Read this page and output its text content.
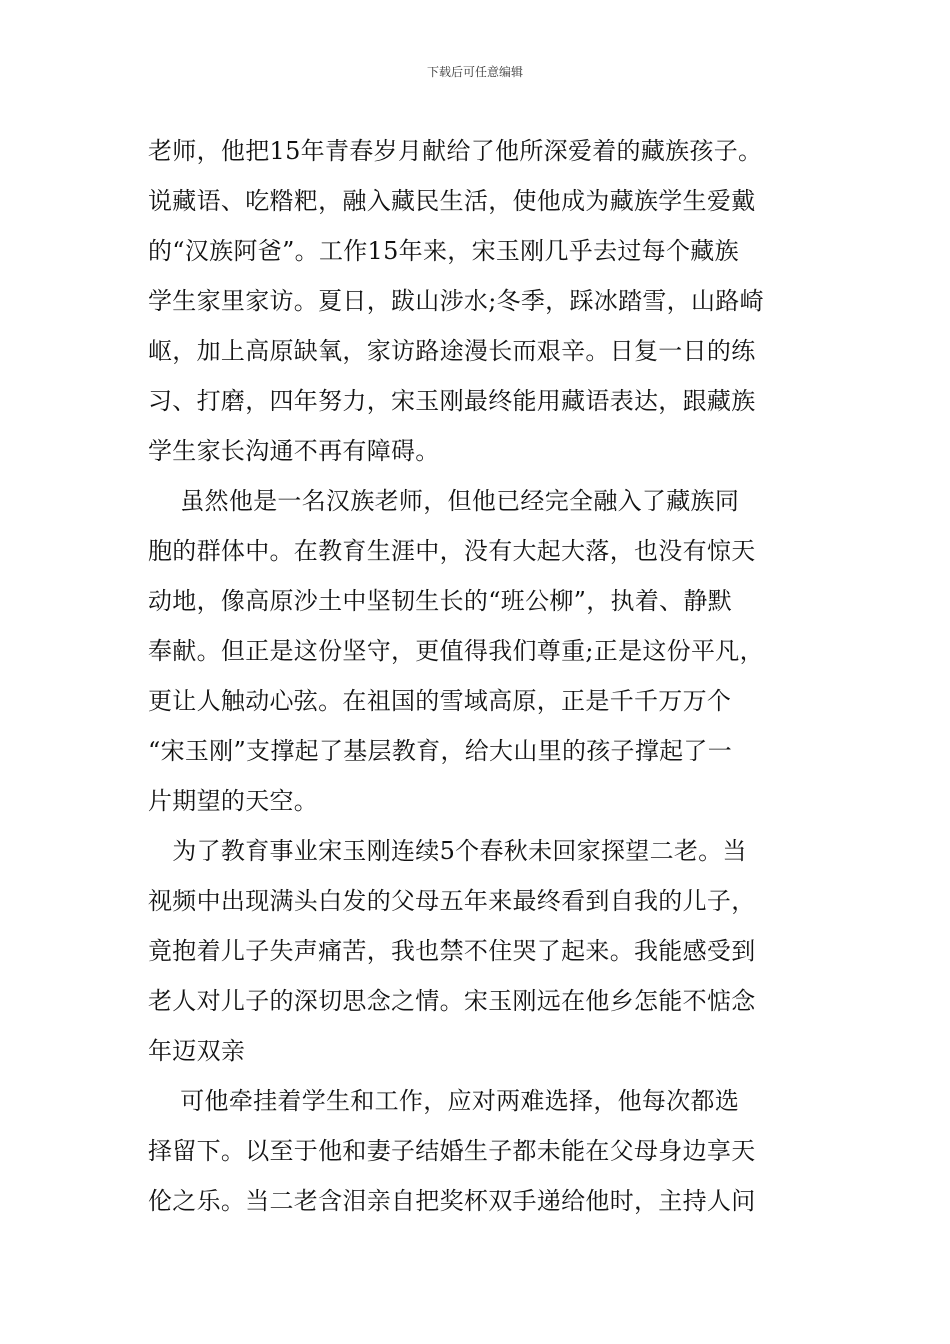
下载后可任意编辑
老师，他把15年青春岁月献给了他所深爱着的藏族孩子。
说藏语、吃糌粑，融入藏民生活，使他成为藏族学生爱戴
的“汉族阿爸”。工作15年来，宋玉刚几乎去过每个藏族
学生家里家访。夏日，跋山涉水;冬季，踩冰踏雪，山路崎
岖，加上高原缺氧，家访路途漫长而艰辛。日复一日的练
习、打磨，四年努力，宋玉刚最终能用藏语表达，跟藏族
学生家长沟通不再有障碍。
　 虽然他是一名汉族老师，但他已经完全融入了藏族同
胞的群体中。在教育生涯中，没有大起大落，也没有惊天
动地，像高原沙土中坚韧生长的“班公柳”，执着、静默
奉献。但正是这份坚守，更值得我们尊重;正是这份平凡，
更让人触动心弦。在祖国的雪域高原，正是千千万万个
“宋玉刚”支撑起了基层教育，给大山里的孩子撑起了一
片期望的天空。
　为了教育事业宋玉刚连续5个春秋未回家探望二老。当
视频中出现满头白发的父母五年来最终看到自我的儿子，
竟抱着儿子失声痛苦，我也禁不住哭了起来。我能感受到
老人对儿子的深切思念之情。宋玉刚远在他乡怎能不惦念
年迈双亲
　 可他牵挂着学生和工作，应对两难选择，他每次都选
择留下。以至于他和妻子结婚生子都未能在父母身边享天
伦之乐。当二老含泪亲自把奖杯双手递给他时，主持人问
